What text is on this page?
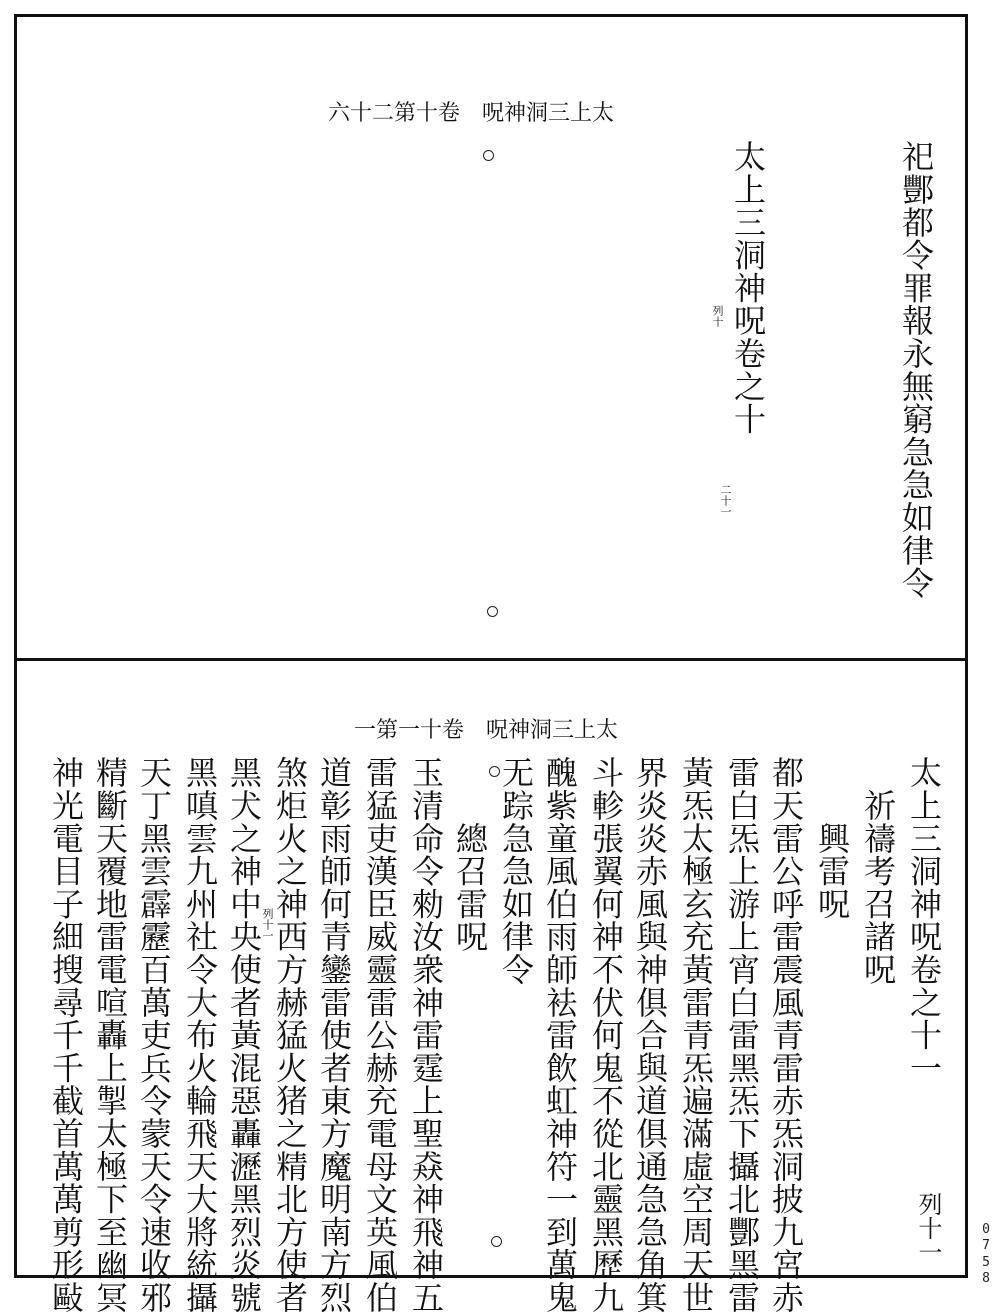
六十二第十卷　呪神洞三上太
祀酆都令罪報永無窮急急如律令
太上三洞神呪卷之十
列十
二十一
一第一十卷　呪神洞三上太
太上三洞神呪卷之十一
　祈禱考召諸呪
　　興雷呪
都天雷公呼雷震風青雷赤炁洞披九宮赤
雷白炁上游上宵白雷黑炁下攝北酆黑雷
黃炁太極玄充黃雷青炁遍滿虛空周天世
界炎炎赤風與神俱合與道俱通急急角箕
斗軫張翼何神不伏何鬼不從北靈黑歷九
醜紫童風伯雨師袪雷飲虹神符一到萬鬼
无踪急急如律令
　　總召雷呪
玉清命令勑汝衆神雷霆上聖猋神飛神五
雷猛吏漢臣威靈雷公赫充電母文英風伯
道彰雨師何青鑾雷使者東方魔明南方烈
煞炬火之神西方赫猛火猪之精北方使者
黑犬之神中央使者黃混惡轟瀝黑烈炎號
黑嗔雲九州社令大布火輪飛天大將統攝
天丁黑雲霹靂百萬吏兵令蒙天令速收邪
精斷天覆地雷電喧轟上掣太極下至幽冥
神光電目子細搜尋千千截首萬萬剪形敺	列十一
列十一
0
7
5
8
